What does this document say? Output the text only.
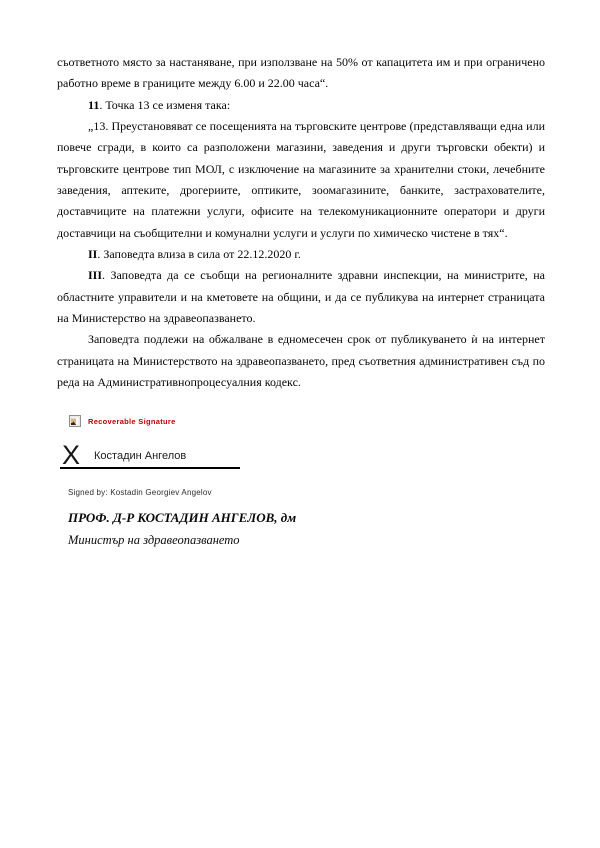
съответното място за настаняване, при използване на 50% от капацитета им и при ограничено работно време в границите между 6.00 и 22.00 часа“.

11. Точка 13 се изменя така:

„13. Преустановяват се посещенията на търговските центрове (представляващи една или повече сгради, в които са разположени магазини, заведения и други търговски обекти) и търговските центрове тип МОЛ, с изключение на магазините за хранителни стоки, лечебните заведения, аптеките, дрогериите, оптиките, зоомагазините, банките, застрахователите, доставчиците на платежни услуги, офисите на телекомуникационните оператори и други доставчици на съобщителни и комунални услуги и услуги по химическо чистене в тях“.

II. Заповедта влиза в сила от 22.12.2020 г.

III. Заповедта да се съобщи на регионалните здравни инспекции, на министрите, на областните управители и на кметовете на общини, и да се публикува на интернет страницата на Министерство на здравеопазването.

Заповедта подлежи на обжалване в едномесечен срок от публикуването ѝ на интернет страницата на Министерството на здравеопазването, пред съответния административен съд по реда на Административнопроцесуалния кодекс.

Recoverable Signature
X Костадин Ангелов
Signed by: Kostadin Georgiev Angelov
ПРОФ. Д-Р КОСТАДИН АНГЕЛОВ, дм
Министър на здравеопазването
